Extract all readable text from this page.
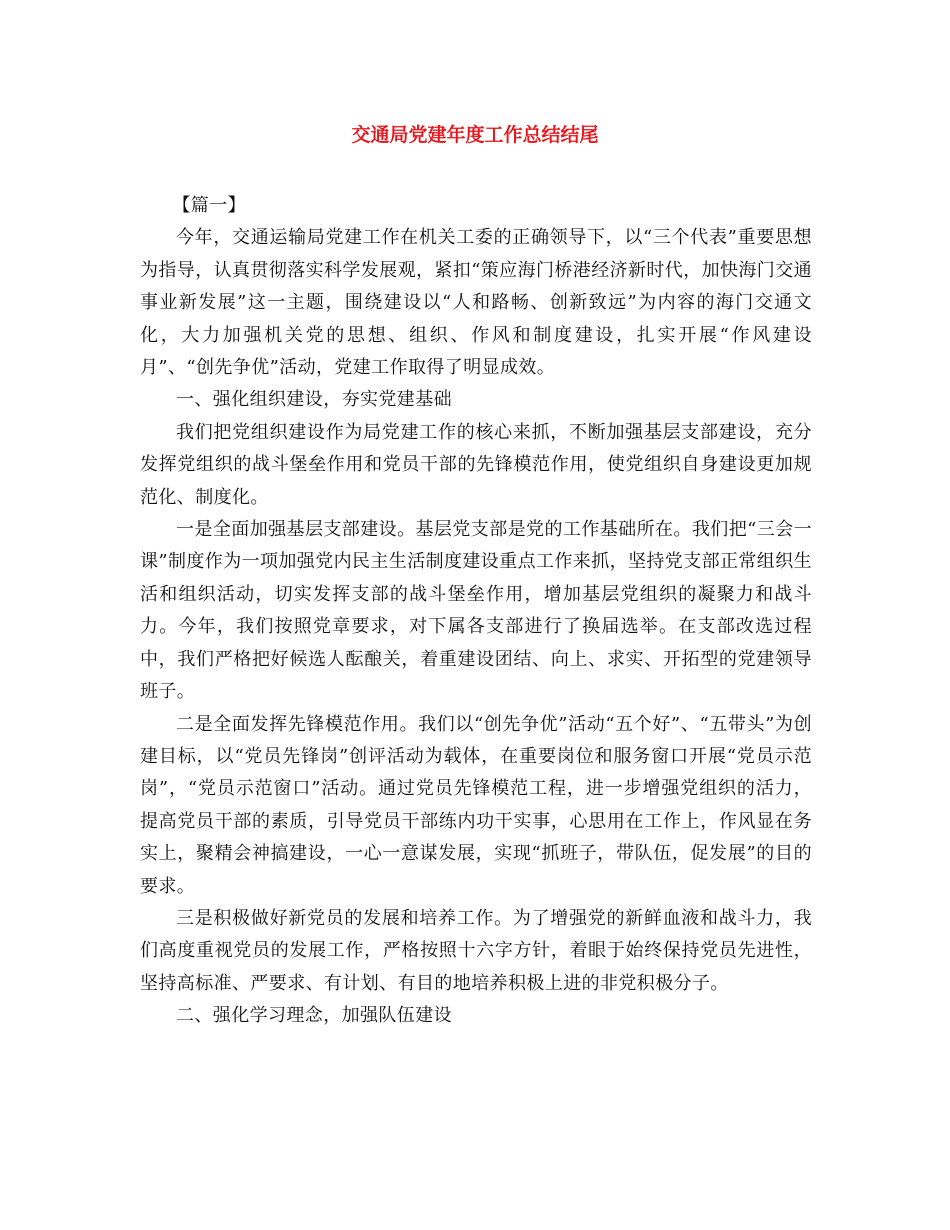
交通局党建年度工作总结结尾

【篇一】

今年，交通运输局党建工作在机关工委的正确领导下，以“三个代表”重要思想为指导，认真贯彻落实科学发展观，紧扣“策应海门桥港经济新时代，加快海门交通事业新发展”这一主题，围绕建设以“人和路畅、创新致远”为内容的海门交通文化，大力加强机关党的思想、组织、作风和制度建设，扎实开展“作风建设月”、“创先争优”活动，党建工作取得了明显成效。

一、强化组织建设，夯实党建基础

我们把党组织建设作为局党建工作的核心来抓，不断加强基层支部建设，充分发挥党组织的战斗堡垒作用和党员干部的先锋模范作用，使党组织自身建设更加规范化、制度化。

一是全面加强基层支部建设。基层党支部是党的工作基础所在。我们把“三会一课”制度作为一项加强党内民主生活制度建设重点工作来抓，坚持党支部正常组织生活和组织活动，切实发挥支部的战斗堡垒作用，增加基层党组织的凝聚力和战斗力。今年，我们按照党章要求，对下属各支部进行了换届选举。在支部改选过程中，我们严格把好候选人酝酿关，着重建设团结、向上、求实、开拓型的党建领导班子。

二是全面发挥先锋模范作用。我们以“创先争优”活动“五个好”、“五带头”为创建目标，以“党员先锋岗”创评活动为载体，在重要岗位和服务窗口开展“党员示范岗”，“党员示范窗口”活动。通过党员先锋模范工程，进一步增强党组织的活力，提高党员干部的素质，引导党员干部练内功干实事，心思用在工作上，作风显在务实上，聚精会神搞建设，一心一意谋发展，实现“抓班子，带队伍，促发展”的目的要求。

三是积极做好新党员的发展和培养工作。为了增强党的新鲜血液和战斗力，我们高度重视党员的发展工作，严格按照十六字方针，着眼于始终保持党员先进性，坚持高标准、严要求、有计划、有目的地培养积极上进的非党积极分子。

二、强化学习理念，加强队伍建设
